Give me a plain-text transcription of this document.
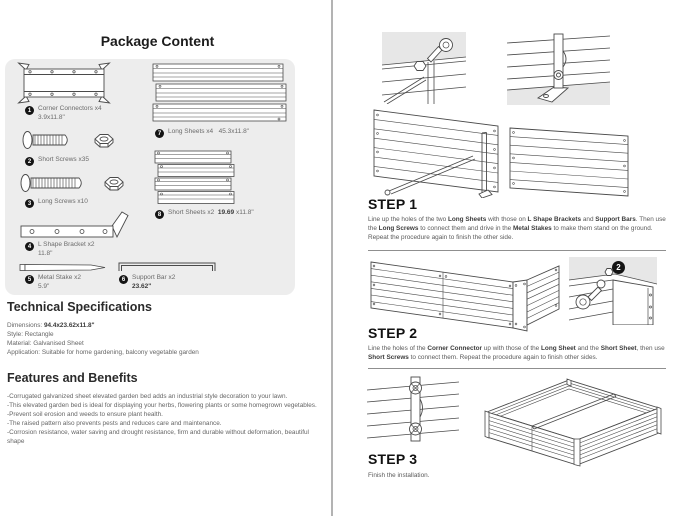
Package Content
1	Corner Connectors x4
3.9x11.8"
2	Short Screws x35
3	Long Screws x10
4	L Shape Bracket x2
11.8"
5	Metal Stake x2
5.9"
6	Support Bar x2
23.62"
7	Long Sheets x4 45.3x11.8"
8	Short Sheets x2 19.69 x11.8"
Technical Specifications
Dimensions: 94.4x23.62x11.8"
Style: Rectangle
Material: Galvanised Sheet
Application: Suitable for home gardening, balcony vegetable garden
Features and Benefits
-Corrugated galvanized sheet elevated garden bed adds an industrial style decoration to your lawn.
-This elevated garden bed is ideal for displaying your herbs, flowering plants or some homegrown vegetables.
-Prevent soil erosion and weeds to ensure plant health.
-The raised pattern also prevents pests and reduces care and maintenance.
-Corrosion resistance, water saving and drought resistance, firm and durable without deformation, beautiful shape
STEP 1
Line up the holes of the two Long Sheets with those on L Shape Brackets and Support Bars. Then use the Long Screws to connect them and drive in the Metal Stakes to make them stand on the ground. Repeat the procedure again to finish the other side.
2
STEP 2
Line the holes of the Corner Connector up with those of the Long Sheet and the Short Sheet, then use Short Screws to connect them. Repeat the procedure again to finish other sides.
STEP 3
Finish the installation.
